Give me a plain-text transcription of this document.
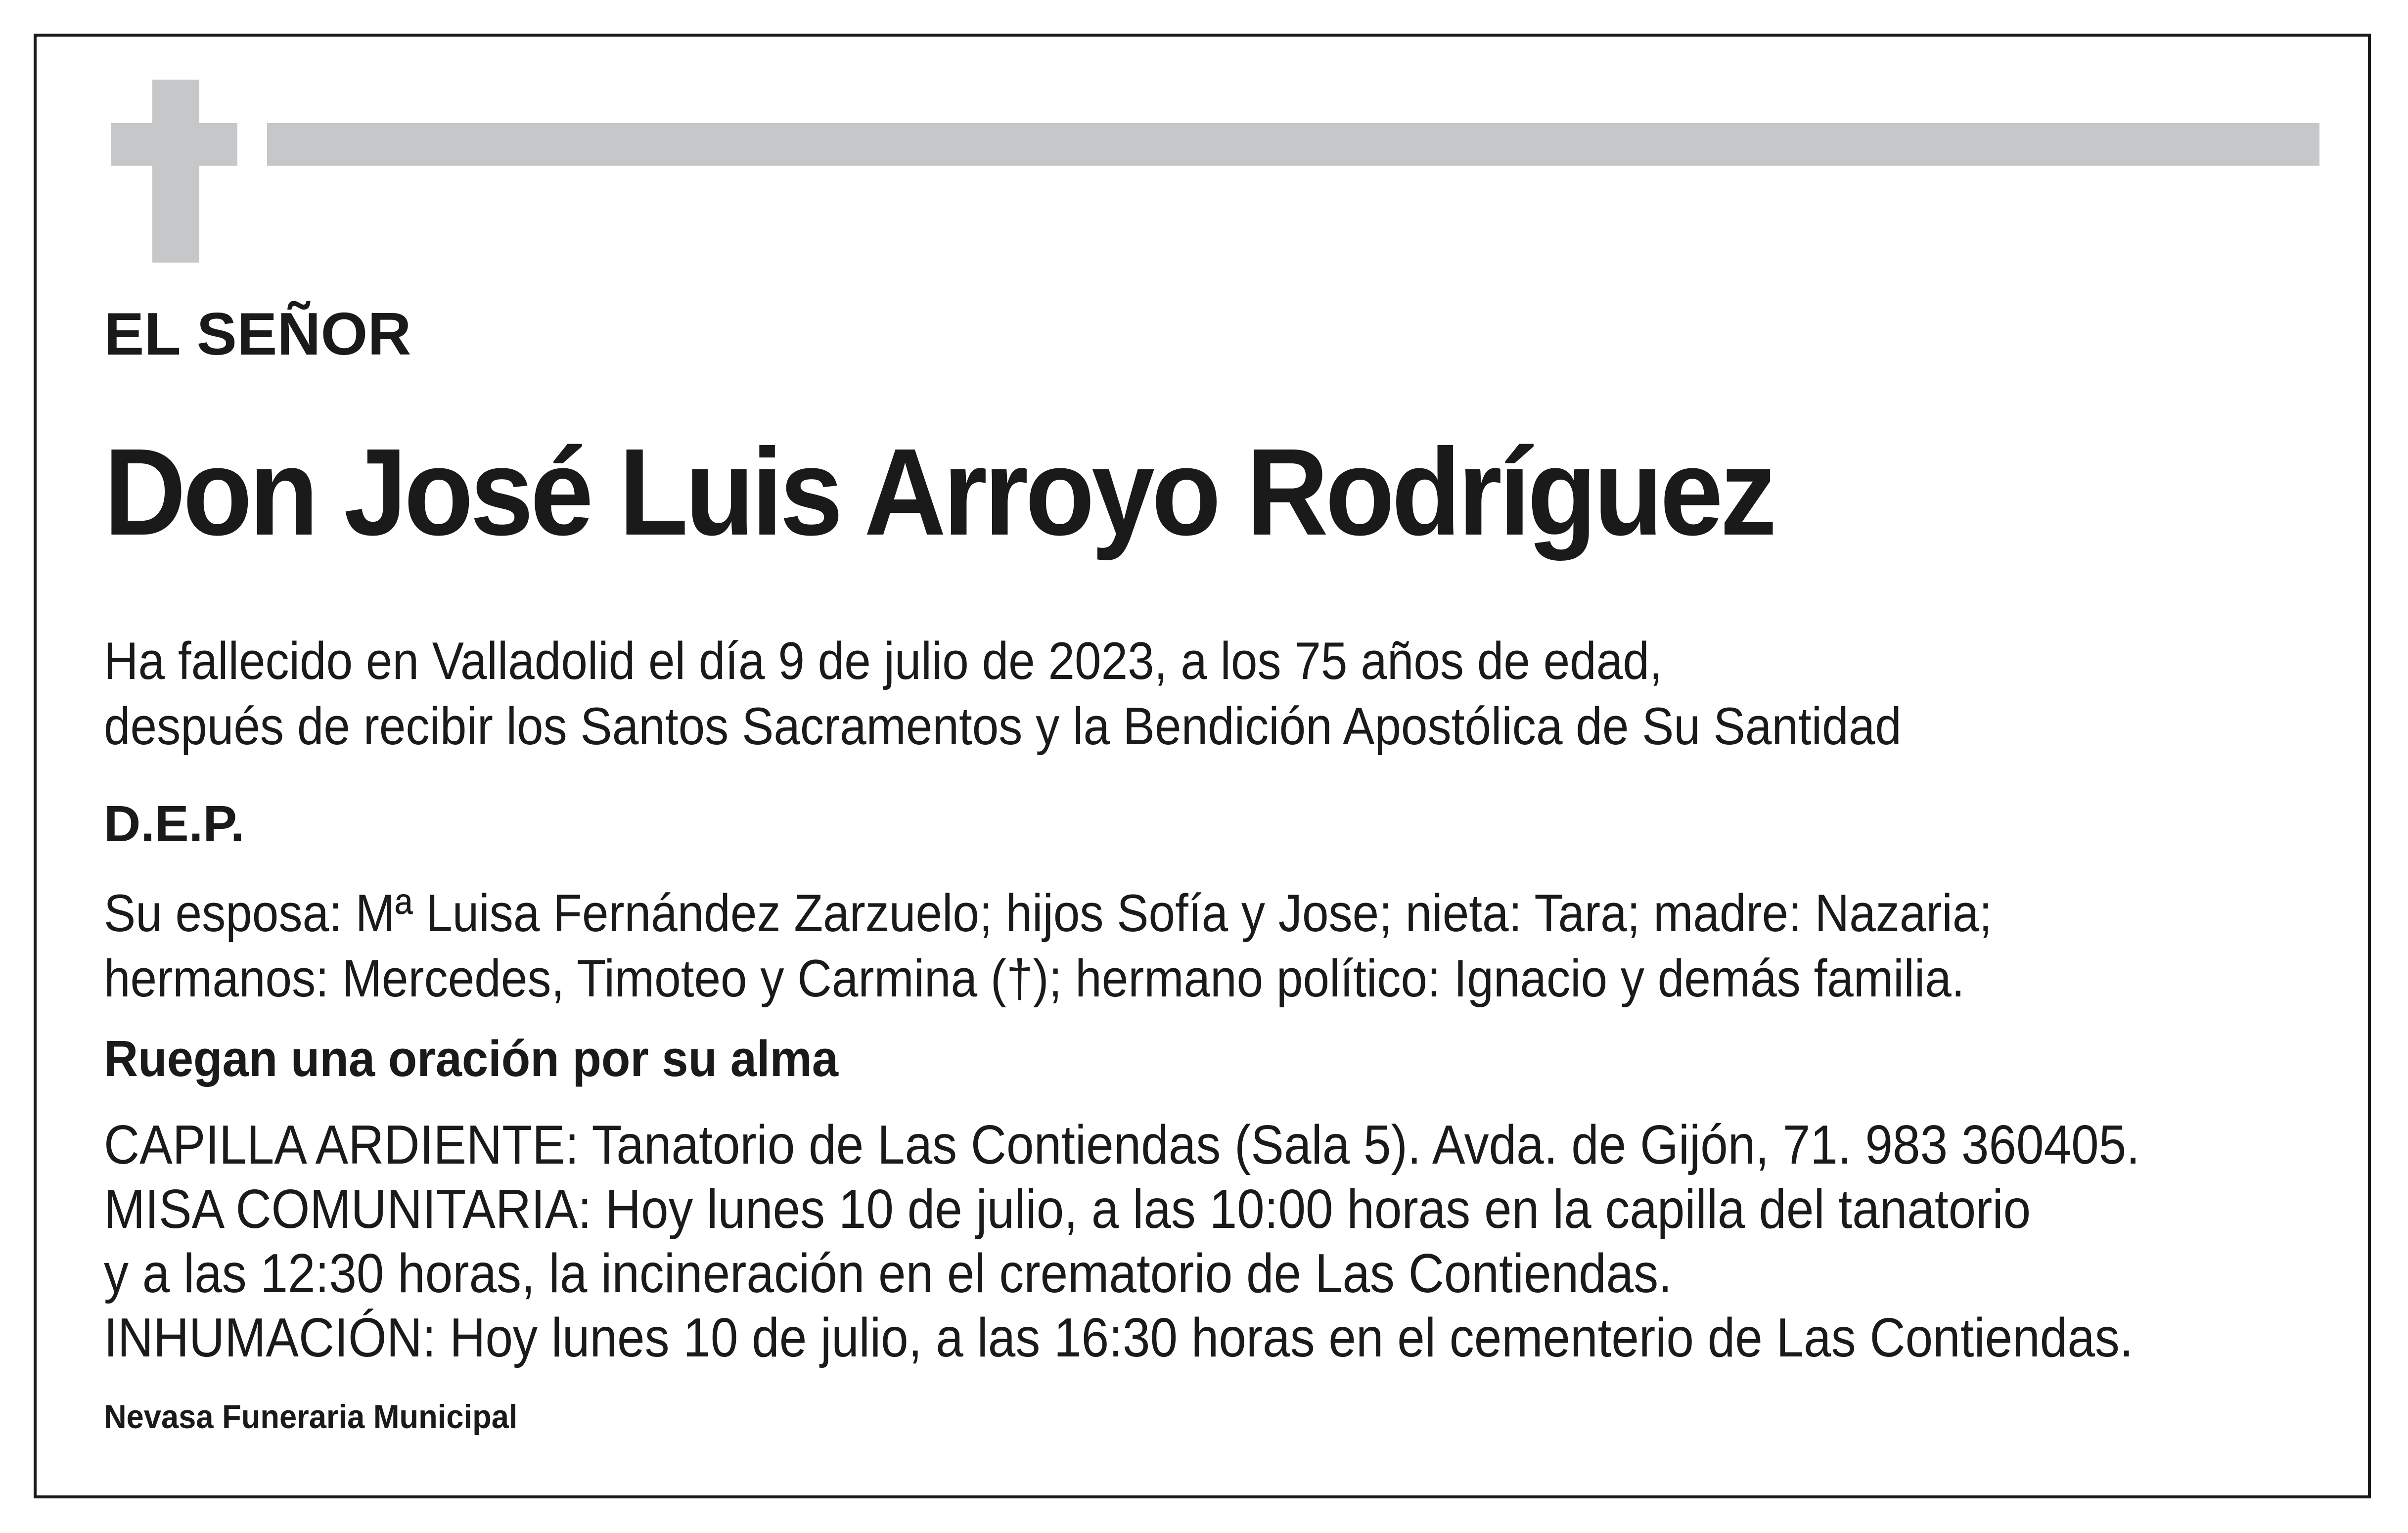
EL SEÑOR

Don José Luis Arroyo Rodríguez

Ha fallecido en Valladolid el día 9 de julio de 2023, a los 75 años de edad,
después de recibir los Santos Sacramentos y la Bendición Apostólica de Su Santidad

D.E.P.

Su esposa: Mª Luisa Fernández Zarzuelo; hijos Sofía y Jose; nieta: Tara; madre: Nazaria;
hermanos: Mercedes, Timoteo y Carmina (†); hermano político: Ignacio y demás familia.

Ruegan una oración por su alma

CAPILLA ARDIENTE: Tanatorio de Las Contiendas (Sala 5). Avda. de Gijón, 71. 983 360405.
MISA COMUNITARIA: Hoy lunes 10 de julio, a las 10:00 horas en la capilla del tanatorio
y a las 12:30 horas, la incineración en el crematorio de Las Contiendas.
INHUMACIÓN: Hoy lunes 10 de julio, a las 16:30 horas en el cementerio de Las Contiendas.

Nevasa Funeraria Municipal
